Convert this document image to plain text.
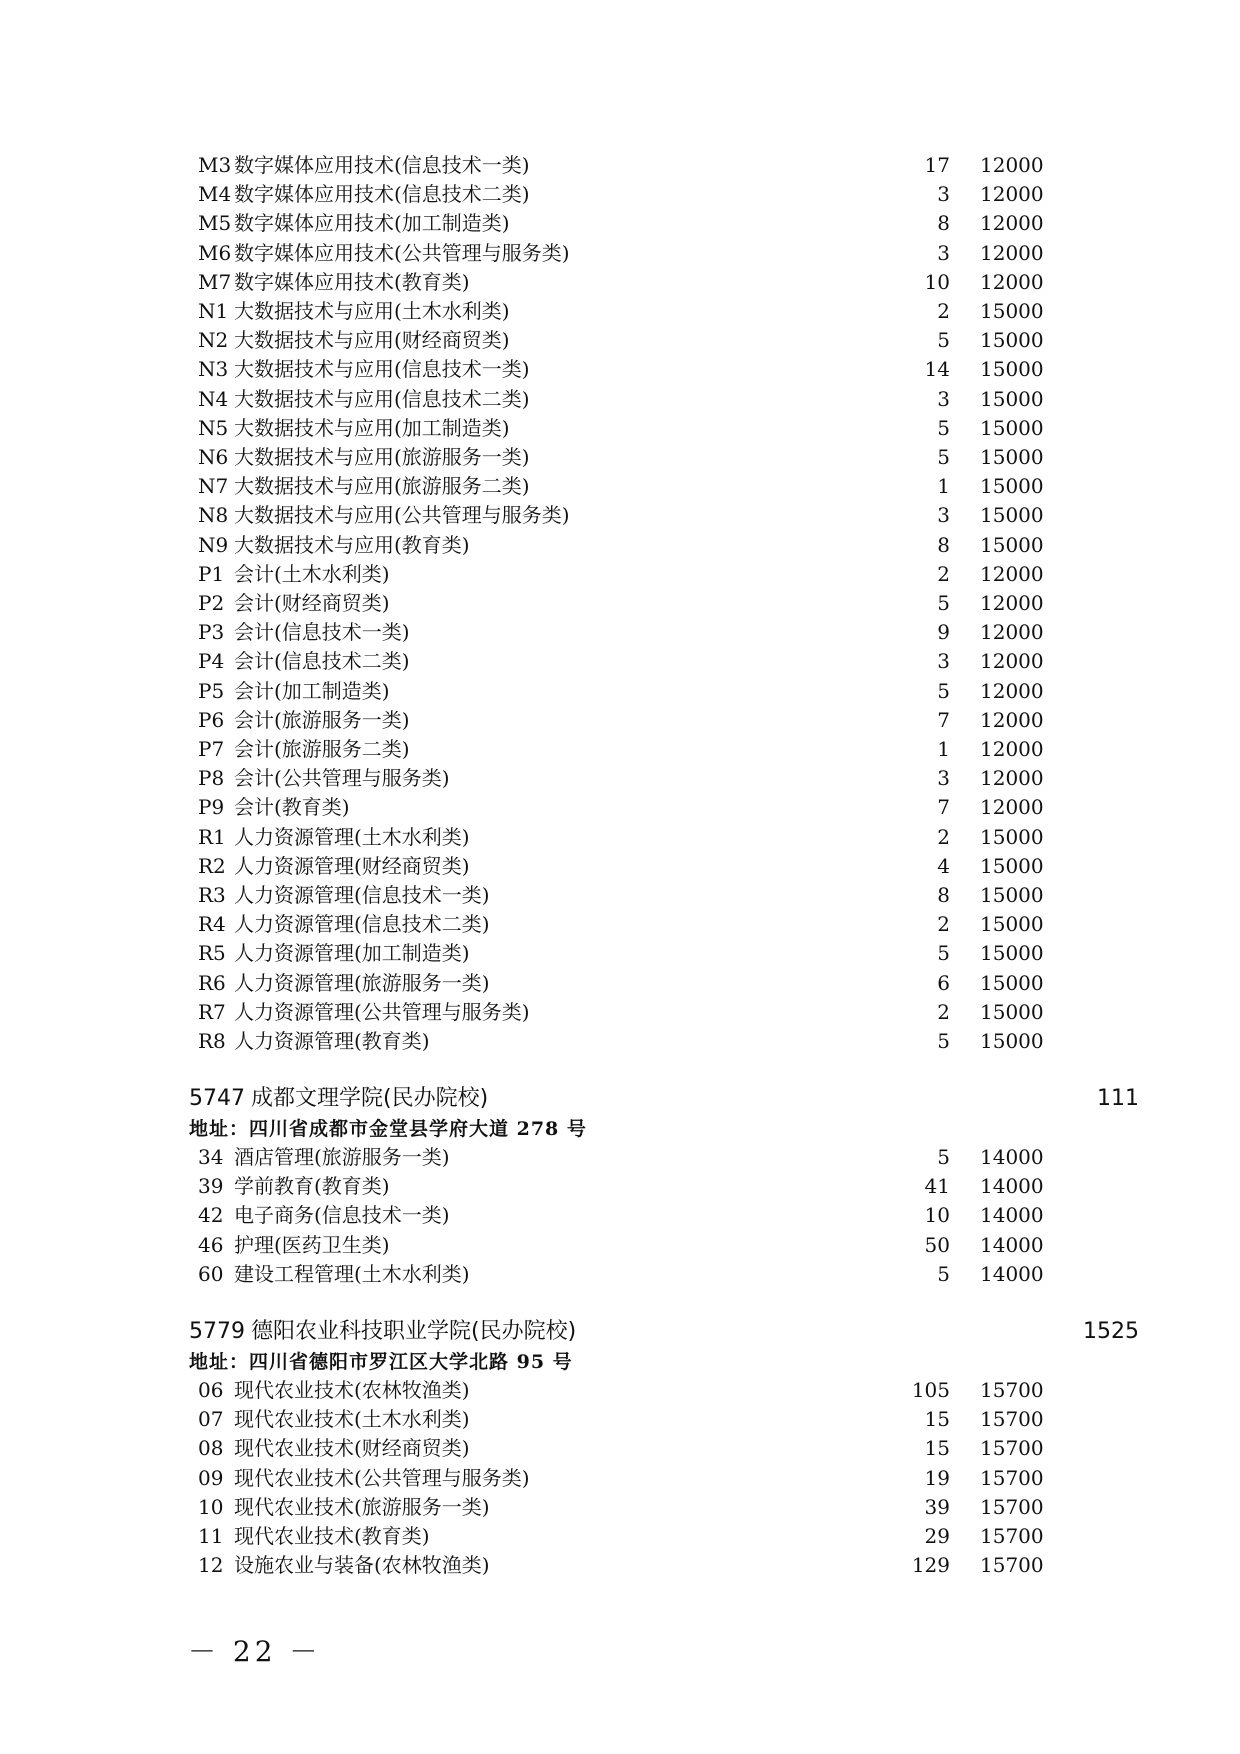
M3 数字媒体应用技术(信息技术一类)	17 12000
M4 数字媒体应用技术(信息技术二类)	3 12000
M5 数字媒体应用技术(加工制造类)	8 12000
M6 数字媒体应用技术(公共管理与服务类)	3 12000
M7 数字媒体应用技术(教育类)	10 12000
N1 大数据技术与应用(土木水利类)	2 15000
N2 大数据技术与应用(财经商贸类)	5 15000
N3 大数据技术与应用(信息技术一类)	14 15000
N4 大数据技术与应用(信息技术二类)	3 15000
N5 大数据技术与应用(加工制造类)	5 15000
N6 大数据技术与应用(旅游服务一类)	5 15000
N7 大数据技术与应用(旅游服务二类)	1 15000
N8 大数据技术与应用(公共管理与服务类)	3 15000
N9 大数据技术与应用(教育类)	8 15000
P1 会计(土木水利类)	2 12000
P2 会计(财经商贸类)	5 12000
P3 会计(信息技术一类)	9 12000
P4 会计(信息技术二类)	3 12000
P5 会计(加工制造类)	5 12000
P6 会计(旅游服务一类)	7 12000
P7 会计(旅游服务二类)	1 12000
P8 会计(公共管理与服务类)	3 12000
P9 会计(教育类)	7 12000
R1 人力资源管理(土木水利类)	2 15000
R2 人力资源管理(财经商贸类)	4 15000
R3 人力资源管理(信息技术一类)	8 15000
R4 人力资源管理(信息技术二类)	2 15000
R5 人力资源管理(加工制造类)	5 15000
R6 人力资源管理(旅游服务一类)	6 15000
R7 人力资源管理(公共管理与服务类)	2 15000
R8 人力资源管理(教育类)	5 15000
5747 成都文理学院(民办院校)	111
地址：四川省成都市金堂县学府大道 278 号
34 酒店管理(旅游服务一类)	5 14000
39 学前教育(教育类)	41 14000
42 电子商务(信息技术一类)	10 14000
46 护理(医药卫生类)	50 14000
60 建设工程管理(土木水利类)	5 14000
5779 德阳农业科技职业学院(民办院校)	1525
地址：四川省德阳市罗江区大学北路 95 号
06 现代农业技术(农林牧渔类)	105 15700
07 现代农业技术(土木水利类)	15 15700
08 现代农业技术(财经商贸类)	15 15700
09 现代农业技术(公共管理与服务类)	19 15700
10 现代农业技术(旅游服务一类)	39 15700
11 现代农业技术(教育类)	29 15700
12 设施农业与装备(农林牧渔类)	129 15700
－ 22 －
